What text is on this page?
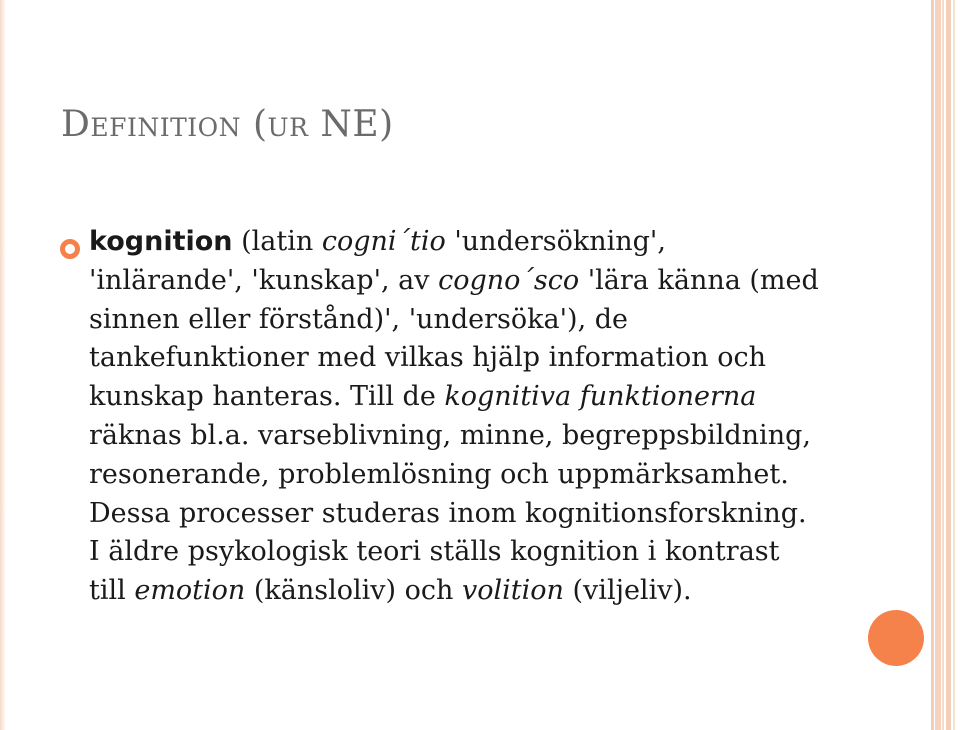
Definition (ur NE)

kognition (latin cogni´tio 'undersökning', 'inlärande', 'kunskap', av cogno´sco 'lära känna (med sinnen eller förstånd)', 'undersöka'), de tankefunktioner med vilkas hjälp information och kunskap hanteras. Till de kognitiva funktionerna räknas bl.a. varseblivning, minne, begreppsbildning, resonerande, problemlösning och uppmärksamhet. Dessa processer studeras inom kognitionsforskning. I äldre psykologisk teori ställs kognition i kontrast till emotion (känsloliv) och volition (viljeliv).
